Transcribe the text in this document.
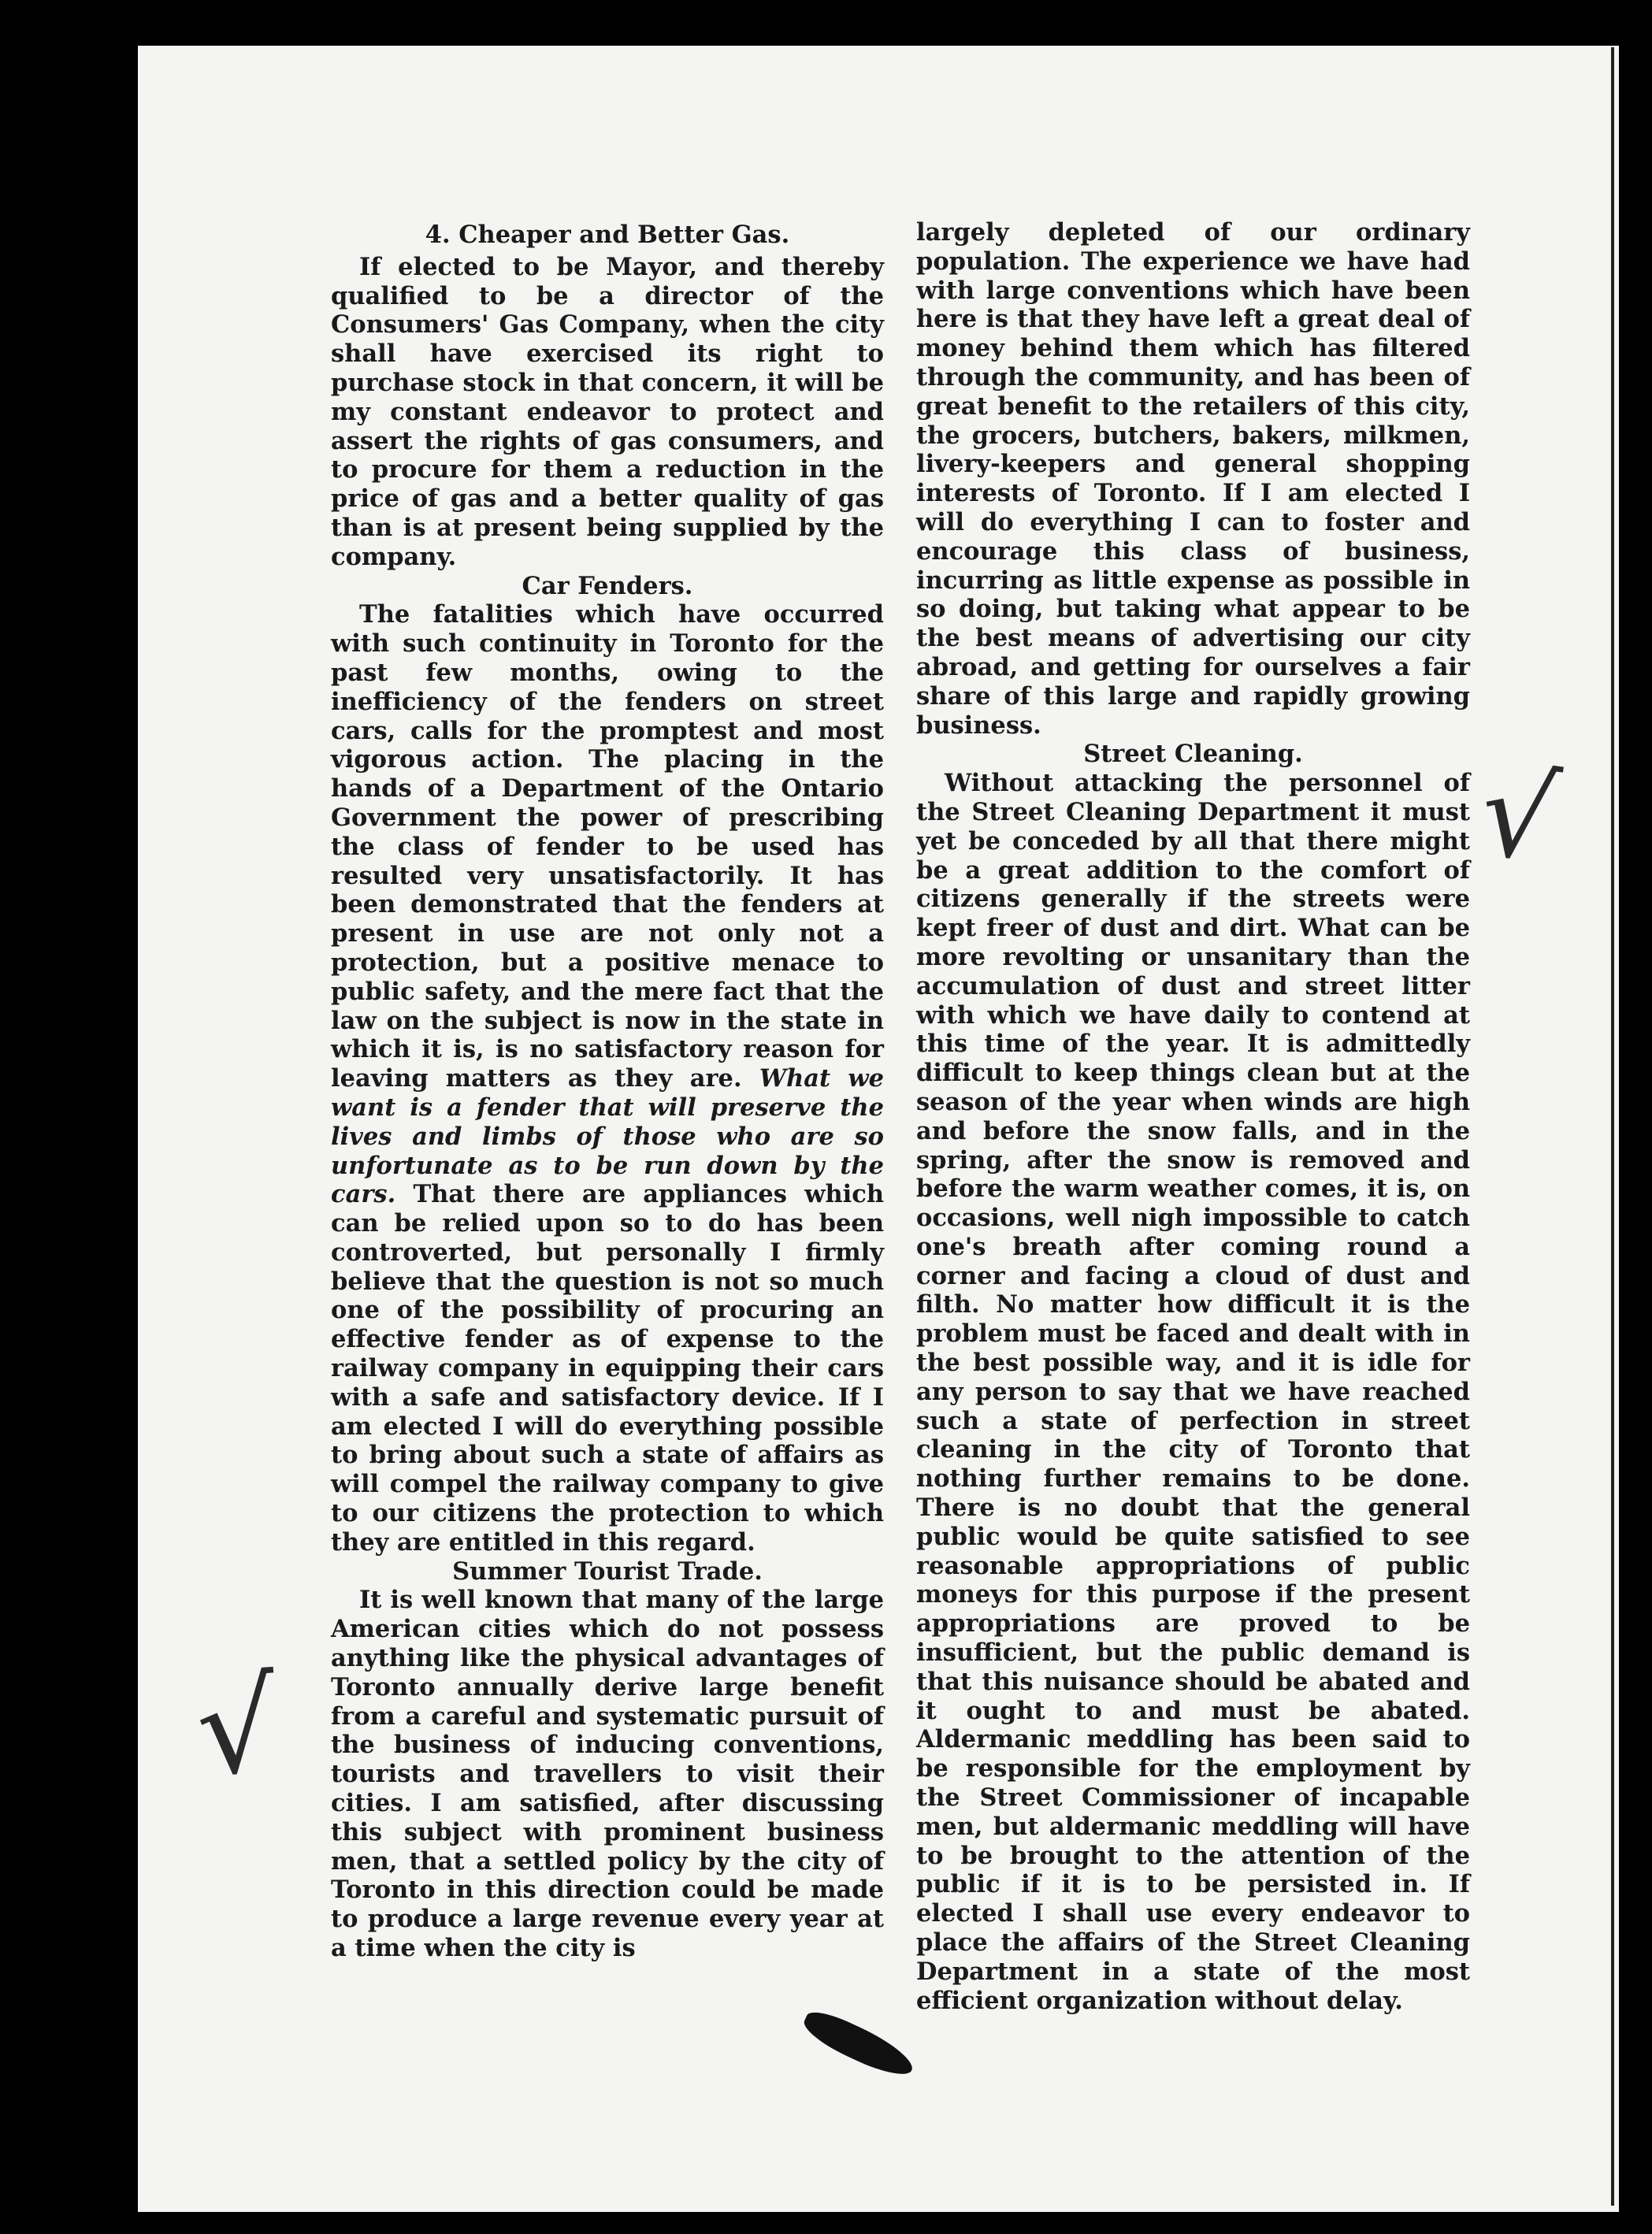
4. Cheaper and Better Gas.

If elected to be Mayor, and thereby qualified to be a director of the Consumers' Gas Company, when the city shall have exercised its right to purchase stock in that concern, it will be my constant endeavor to protect and assert the rights of gas consumers, and to procure for them a reduction in the price of gas and a better quality of gas than is at present being supplied by the company.

Car Fenders.

The fatalities which have occurred with such continuity in Toronto for the past few months, owing to the inefficiency of the fenders on street cars, calls for the promptest and most vigorous action. The placing in the hands of a Department of the Ontario Government the power of prescribing the class of fender to be used has resulted very unsatisfactorily. It has been demonstrated that the fenders at present in use are not only not a protection, but a positive menace to public safety, and the mere fact that the law on the subject is now in the state in which it is, is no satisfactory reason for leaving matters as they are. What we want is a fender that will preserve the lives and limbs of those who are so unfortunate as to be run down by the cars. That there are appliances which can be relied upon so to do has been controverted, but personally I firmly believe that the question is not so much one of the possibility of procuring an effective fender as of expense to the railway company in equipping their cars with a safe and satisfactory device. If I am elected I will do everything possible to bring about such a state of affairs as will compel the railway company to give to our citizens the protection to which they are entitled in this regard.

Summer Tourist Trade.

It is well known that many of the large American cities which do not possess anything like the physical advantages of Toronto annually derive large benefit from a careful and systematic pursuit of the business of inducing conventions, tourists and travellers to visit their cities. I am satisfied, after discussing this subject with prominent business men, that a settled policy by the city of Toronto in this direction could be made to produce a large revenue every year at a time when the city is

largely depleted of our ordinary population. The experience we have had with large conventions which have been here is that they have left a great deal of money behind them which has filtered through the community, and has been of great benefit to the retailers of this city, the grocers, butchers, bakers, milkmen, livery-keepers and general shopping interests of Toronto. If I am elected I will do everything I can to foster and encourage this class of business, incurring as little expense as possible in so doing, but taking what appear to be the best means of advertising our city abroad, and getting for ourselves a fair share of this large and rapidly growing business.

Street Cleaning.

Without attacking the personnel of the Street Cleaning Department it must yet be conceded by all that there might be a great addition to the comfort of citizens generally if the streets were kept freer of dust and dirt. What can be more revolting or unsanitary than the accumulation of dust and street litter with which we have daily to contend at this time of the year. It is admittedly difficult to keep things clean but at the season of the year when winds are high and before the snow falls, and in the spring, after the snow is removed and before the warm weather comes, it is, on occasions, well nigh impossible to catch one's breath after coming round a corner and facing a cloud of dust and filth. No matter how difficult it is the problem must be faced and dealt with in the best possible way, and it is idle for any person to say that we have reached such a state of perfection in street cleaning in the city of Toronto that nothing further remains to be done. There is no doubt that the general public would be quite satisfied to see reasonable appropriations of public moneys for this purpose if the present appropriations are proved to be insufficient, but the public demand is that this nuisance should be abated and it ought to and must be abated. Aldermanic meddling has been said to be responsible for the employment by the Street Commissioner of incapable men, but aldermanic meddling will have to be brought to the attention of the public if it is to be persisted in. If elected I shall use every endeavor to place the affairs of the Street Cleaning Department in a state of the most efficient organization without delay.

√
√
